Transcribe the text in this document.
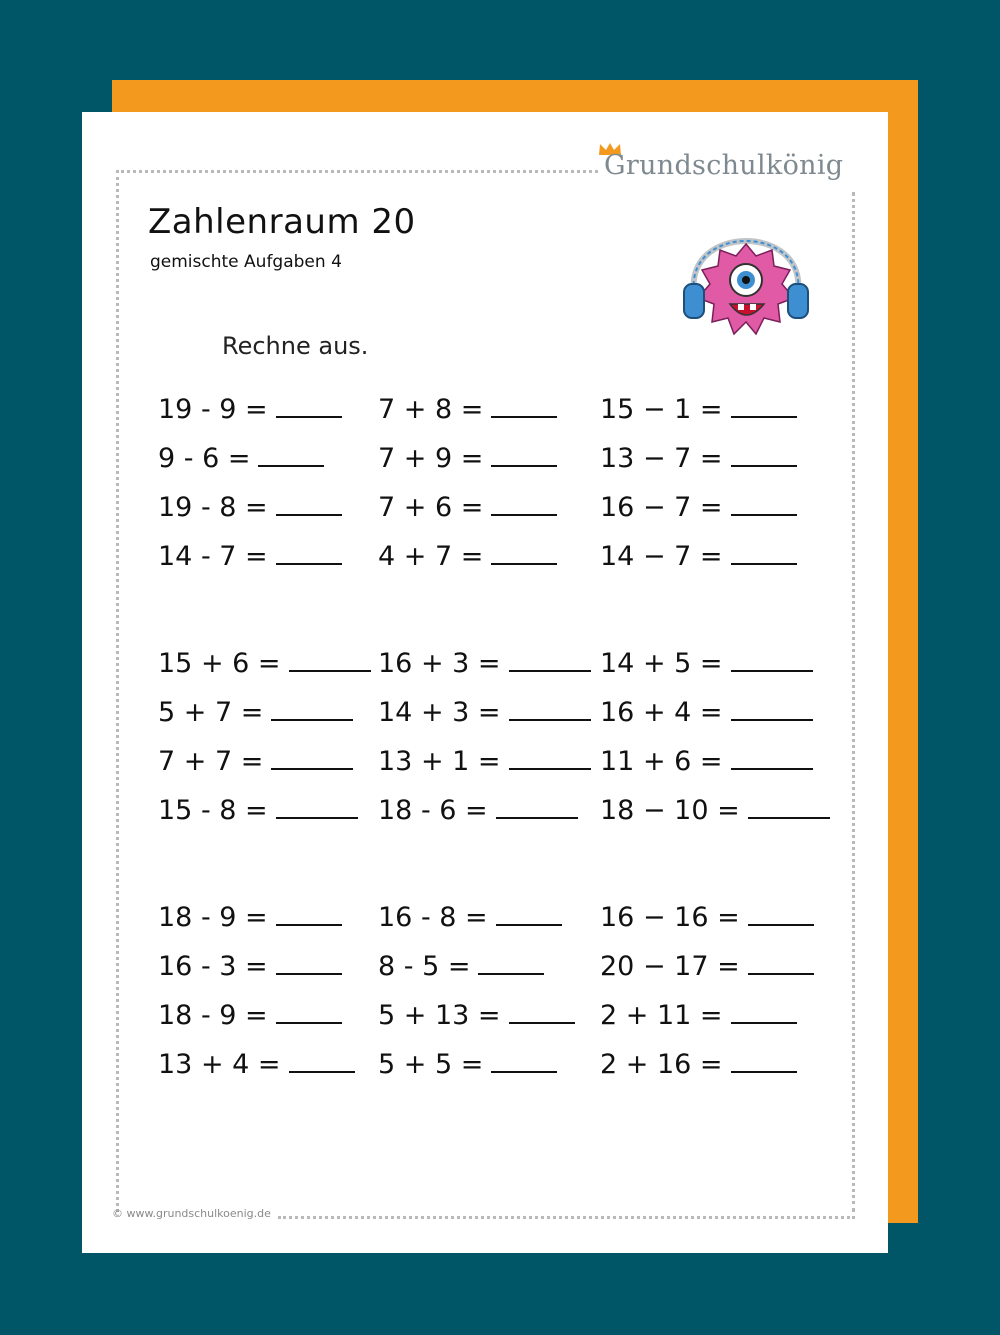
Grundschulkönig
Zahlenraum 20
gemischte Aufgaben 4
Rechne aus.
19 - 9 =
9 - 6 =
19 - 8 =
14 - 7 =
7 + 8 =
7 + 9 =
7 + 6 =
4 + 7 =
15 − 1 =
13 − 7 =
16 − 7 =
14 − 7 =
15 + 6 =
5 + 7 =
7 + 7 =
15 - 8 =
16 + 3 =
14 + 3 =
13 + 1 =
18 - 6 =
14 + 5 =
16 + 4 =
11 + 6 =
18 − 10 =
18 - 9 =
16 - 3 =
18 - 9 =
13 + 4 =
16 - 8 =
8 - 5 =
5 + 13 =
5 + 5 =
16 − 16 =
20 − 17 =
2 + 11 =
2 + 16 =
© www.grundschulkoenig.de
